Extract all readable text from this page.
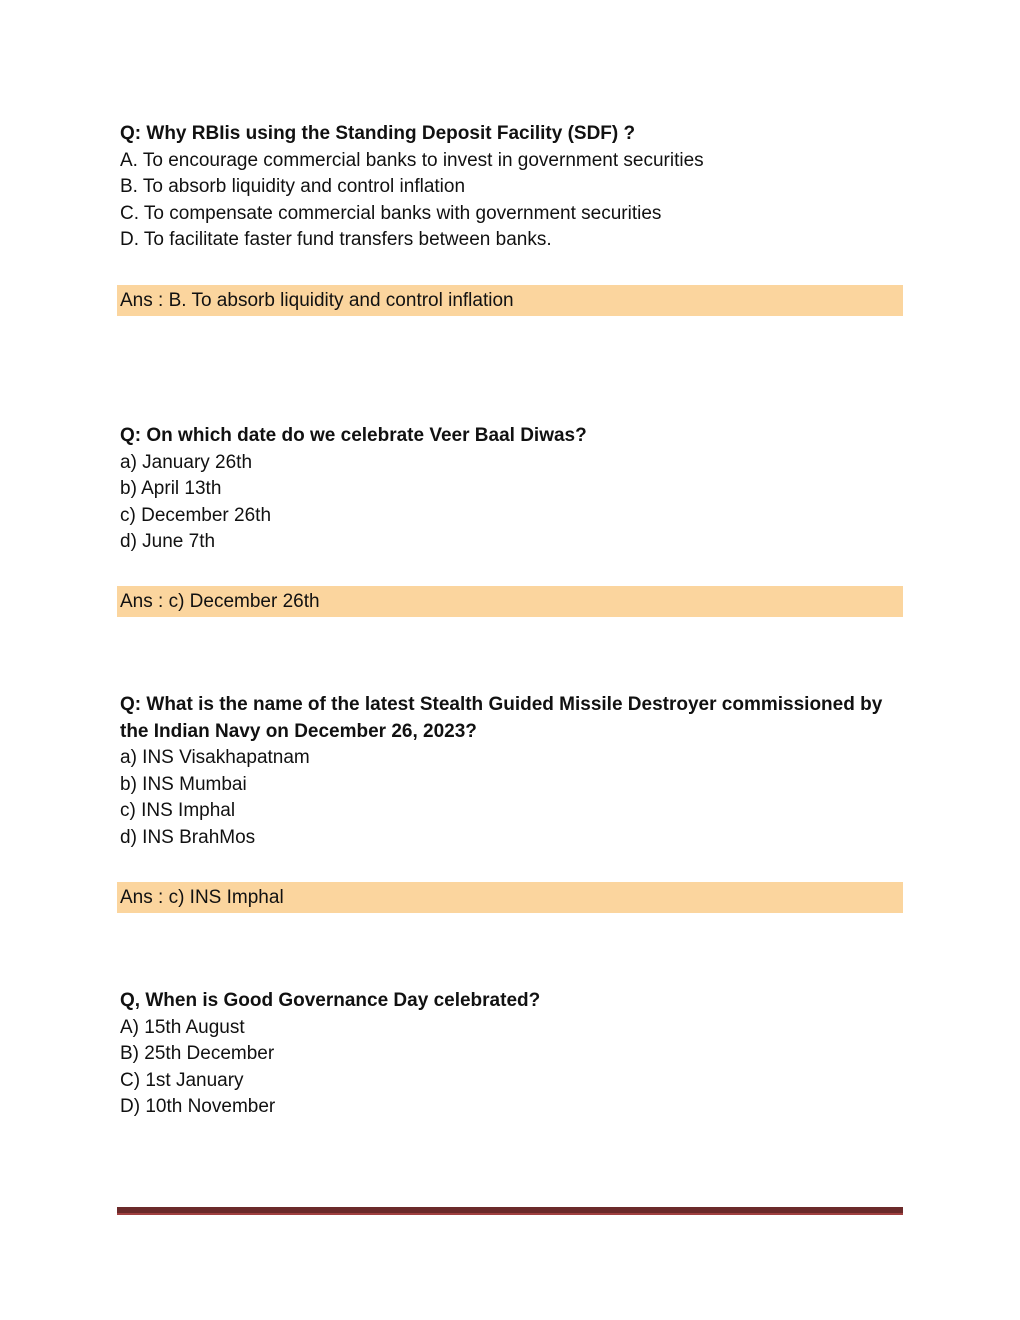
Q: Why RBIis using the Standing Deposit Facility (SDF) ?

A. To encourage commercial banks to invest in government securities

B. To absorb liquidity and control inflation

C. To compensate commercial banks with government securities

D. To facilitate faster fund transfers between banks.

Ans : B. To absorb liquidity and control inflation

Q: On which date do we celebrate Veer Baal Diwas?

a) January 26th

b) April 13th

c) December 26th

d) June 7th

Ans : c) December 26th

Q: What is the name of the latest Stealth Guided Missile Destroyer commissioned by the Indian Navy on December 26, 2023?

a) INS Visakhapatnam

b) INS Mumbai

c) INS Imphal

d) INS BrahMos

Ans : c) INS Imphal

Q, When is Good Governance Day celebrated?

A) 15th August

B) 25th December

C) 1st January

D) 10th November
